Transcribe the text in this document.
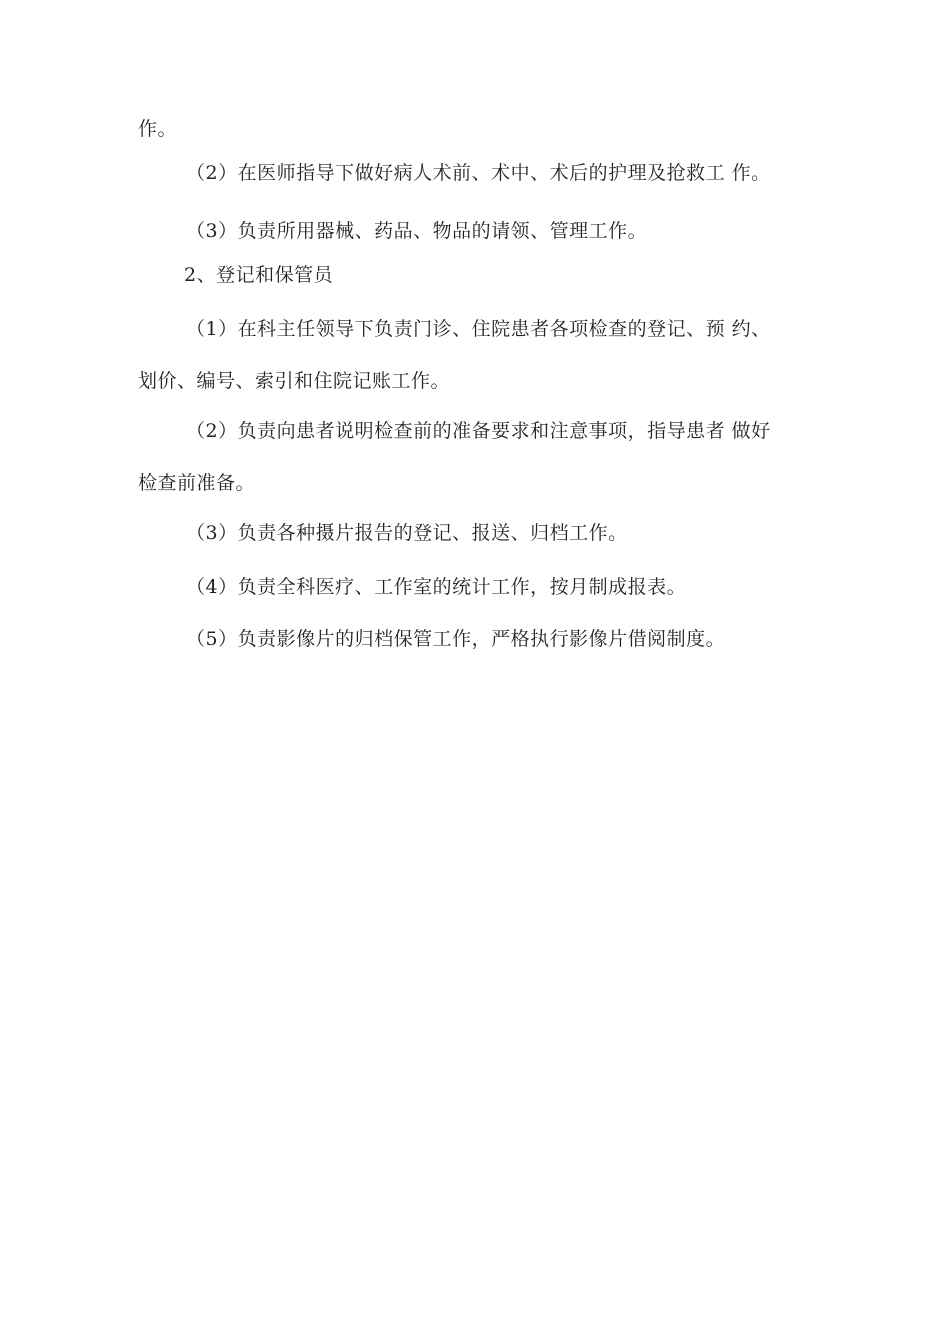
作。
（2）在医师指导下做好病人术前、术中、术后的护理及抢救工 作。
（3）负责所用器械、药品、物品的请领、管理工作。
2、登记和保管员
（1）在科主任领导下负责门诊、住院患者各项检查的登记、预 约、
划价、编号、索引和住院记账工作。
（2）负责向患者说明检查前的准备要求和注意事项，指导患者 做好
检查前准备。
（3）负责各种摄片报告的登记、报送、归档工作。
（4）负责全科医疗、工作室的统计工作，按月制成报表。
（5）负责影像片的归档保管工作，严格执行影像片借阅制度。
